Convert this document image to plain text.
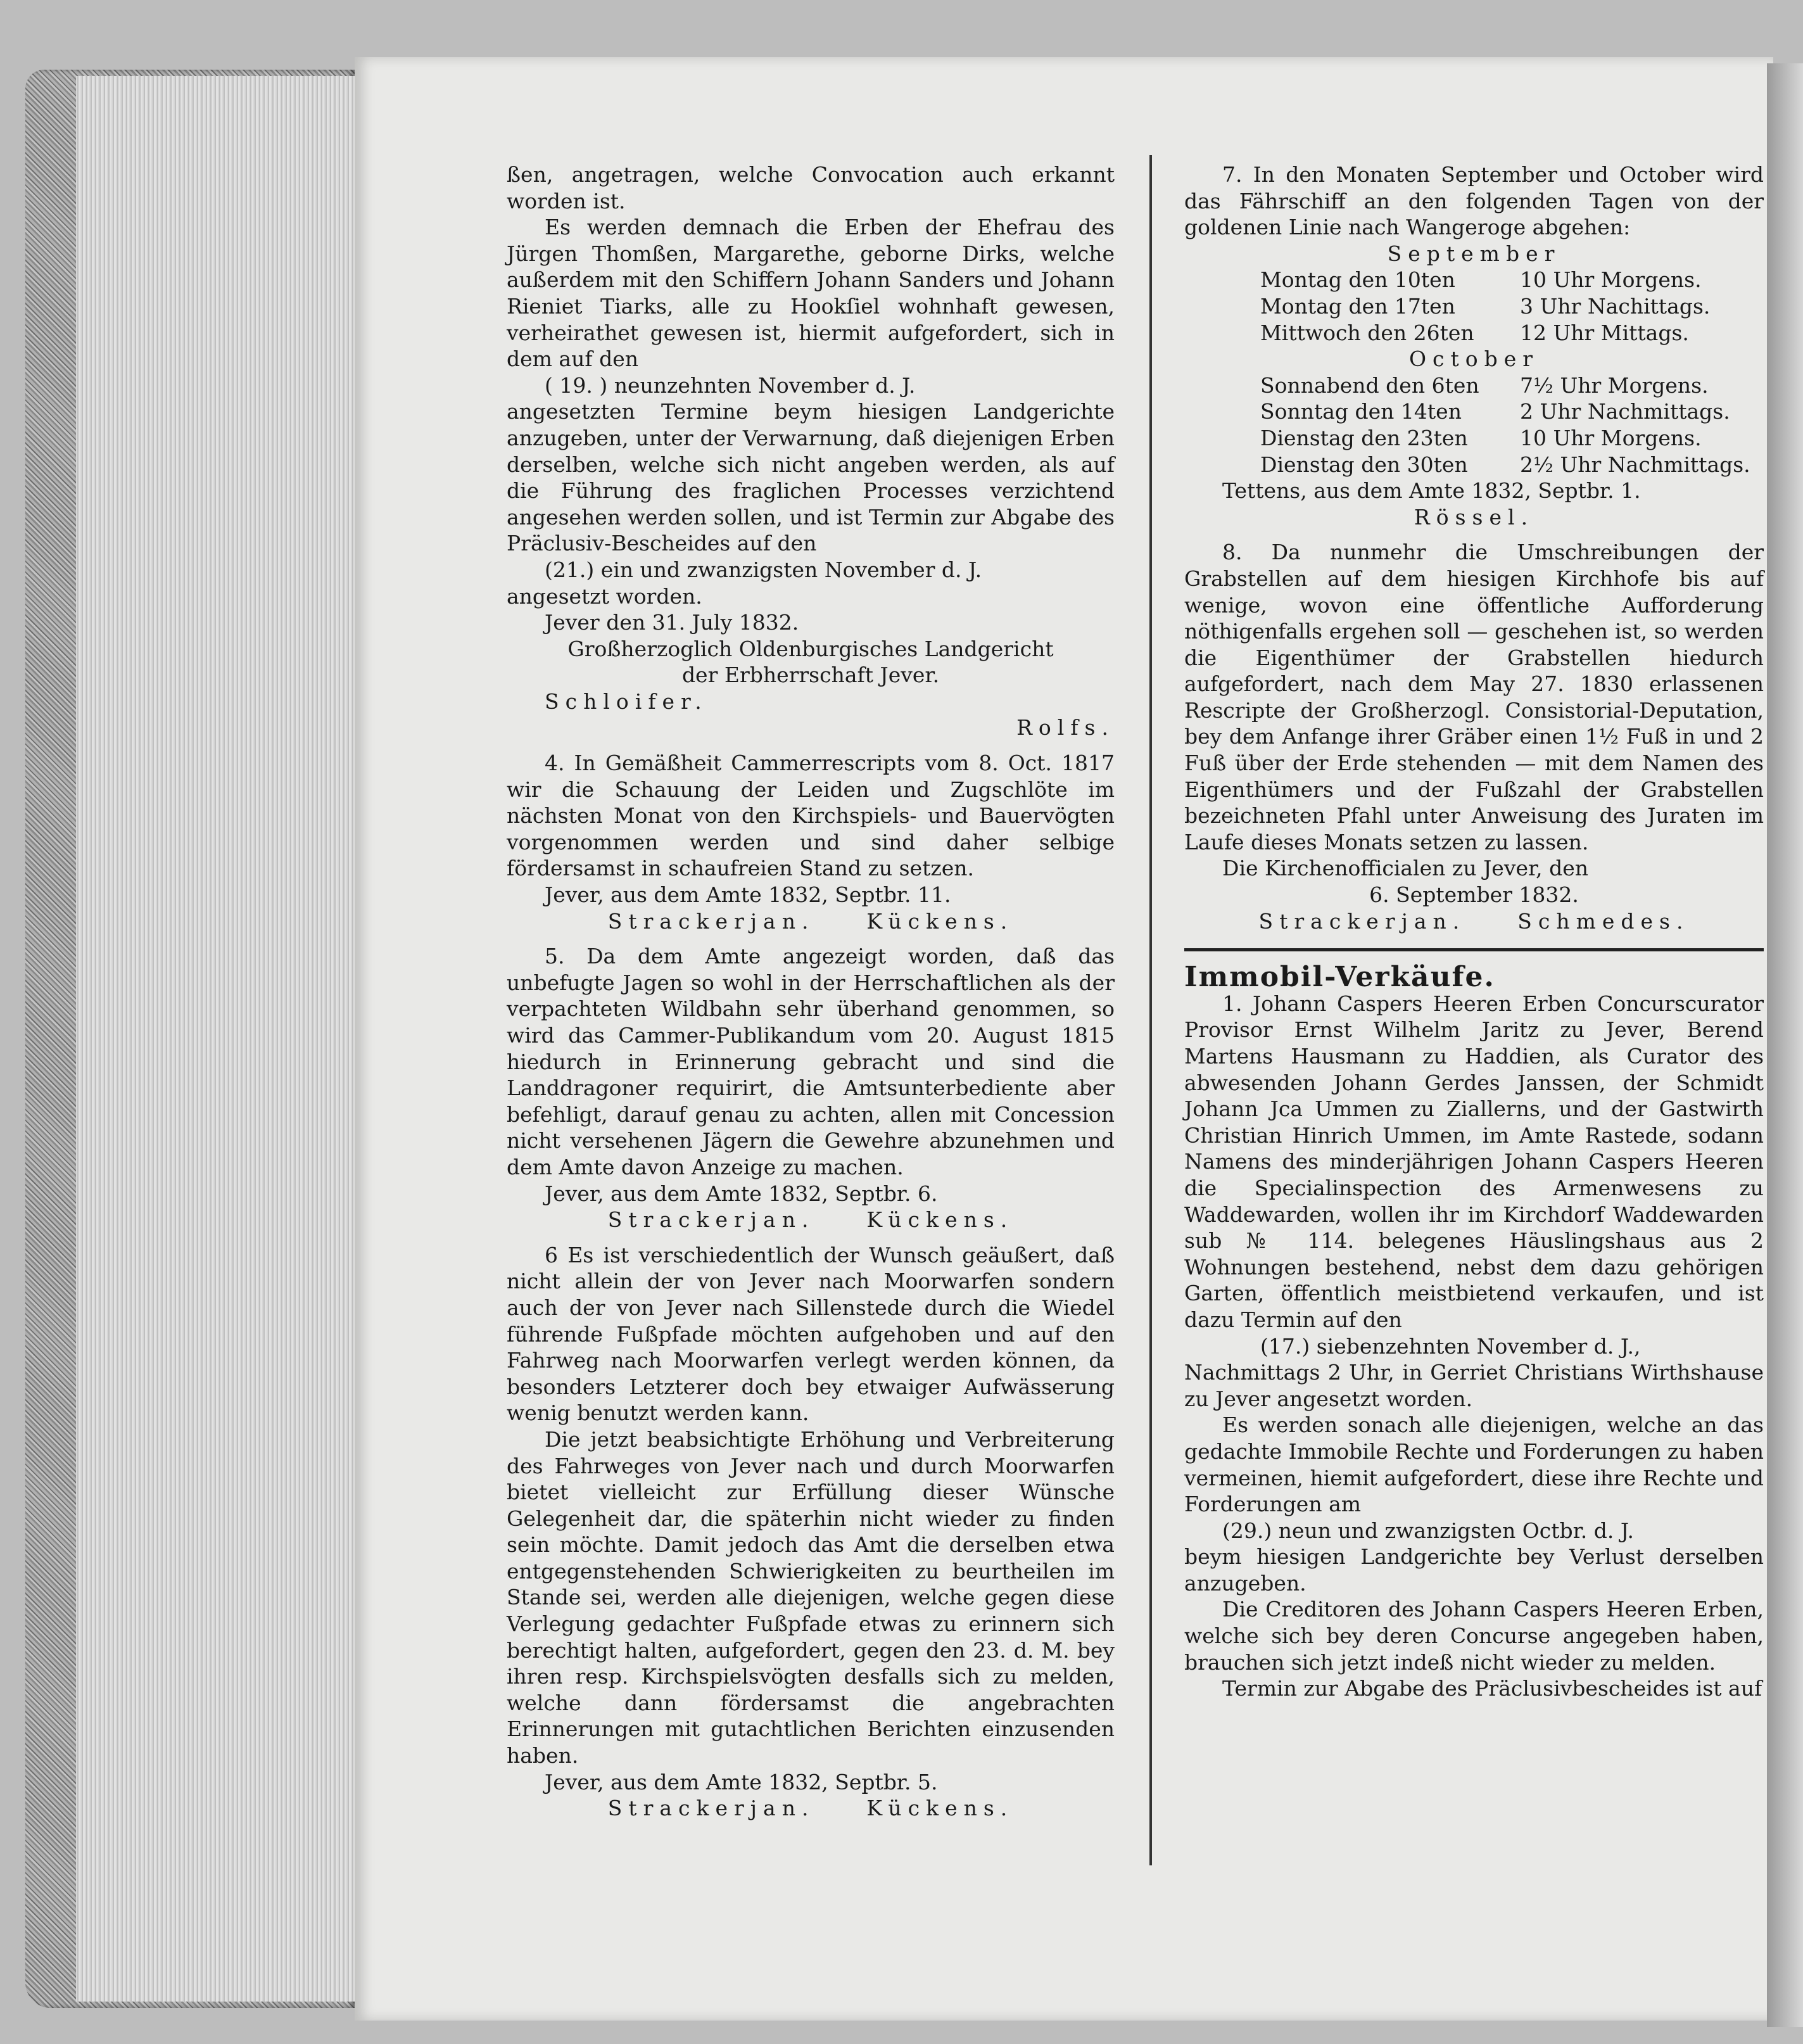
ßen, angetragen, welche Convocation auch erkannt worden ist.

Es werden demnach die Erben der Ehefrau des Jürgen Thomßen, Margarethe, geborne Dirks, welche außerdem mit den Schiffern Johann Sanders und Johann Rieniet Tiarks, alle zu Hookſiel wohnhaft gewesen, verheirathet gewesen ist, hiermit aufgefordert, sich in dem auf den

( 19. ) neunzehnten November d. J.

angesetzten Termine beym hiesigen Landgerichte anzugeben, unter der Verwarnung, daß diejenigen Erben derselben, welche sich nicht angeben werden, als auf die Führung des fraglichen Processes verzichtend angesehen werden sollen, und ist Termin zur Abgabe des Präclusiv-Bescheides auf den

(21.) ein und zwanzigsten November d. J.

angesetzt worden.

Jever den 31. July 1832.

Großherzoglich Oldenburgisches Landgericht

der Erbherrschaft Jever.

Schloifer.

Rolfs.

4. In Gemäßheit Cammerrescripts vom 8. Oct. 1817 wir die Schauung der Leiden und Zugschlöte im nächsten Monat von den Kirchspiels- und Bauervögten vorgenommen werden und sind daher selbige fördersamst in schaufreien Stand zu setzen.

Jever, aus dem Amte 1832, Septbr. 11.

Strackerjan.    Kückens.

5. Da dem Amte angezeigt worden, daß das unbefugte Jagen so wohl in der Herrschaftlichen als der verpachteten Wildbahn sehr überhand genommen, so wird das Cammer-Publikandum vom 20. August 1815 hiedurch in Erinnerung gebracht und sind die Landdragoner requirirt, die Amtsunterbediente aber befehligt, darauf genau zu achten, allen mit Concession nicht versehenen Jägern die Gewehre abzunehmen und dem Amte davon Anzeige zu machen.

Jever, aus dem Amte 1832, Septbr. 6.

Strackerjan.    Kückens.

6 Es ist verschiedentlich der Wunsch geäußert, daß nicht allein der von Jever nach Moorwarfen sondern auch der von Jever nach Sillenstede durch die Wiedel führende Fußpfade möchten aufgehoben und auf den Fahrweg nach Moorwarfen verlegt werden können, da besonders Letzterer doch bey etwaiger Aufwässerung wenig benutzt werden kann.

Die jetzt beabsichtigte Erhöhung und Verbreiterung des Fahrweges von Jever nach und durch Moorwarfen bietet vielleicht zur Erfüllung dieser Wünsche Gelegenheit dar, die späterhin nicht wieder zu finden sein möchte. Damit jedoch das Amt die derselben etwa entgegenstehenden Schwierigkeiten zu beurtheilen im Stande sei, werden alle diejenigen, welche gegen diese Verlegung gedachter Fußpfade etwas zu erinnern sich berechtigt halten, aufgefordert, gegen den 23. d. M. bey ihren resp. Kirchspielsvögten desfalls sich zu melden, welche dann fördersamst die angebrachten Erinnerungen mit gutachtlichen Berichten einzusenden haben.

Jever, aus dem Amte 1832, Septbr. 5.

Strackerjan.    Kückens.

7. In den Monaten September und October wird das Fährschiff an den folgenden Tagen von der goldenen Linie nach Wangeroge abgehen:

September

Montag den 10ten	10 Uhr Morgens.

Montag den 17ten	3 Uhr Nachittags.

Mittwoch den 26ten 12 Uhr Mittags.

October

Sonnabend den 6ten 7½ Uhr Morgens.

Sonntag den 14ten	2 Uhr Nachmittags.

Dienstag den 23ten 10 Uhr Morgens.

Dienstag den 30ten 2½ Uhr Nachmittags.

Tettens, aus dem Amte 1832, Septbr. 1.

Rössel.

8. Da nunmehr die Umschreibungen der Grabstellen auf dem hiesigen Kirchhofe bis auf wenige, wovon eine öffentliche Aufforderung nöthigenfalls ergehen soll — geschehen ist, so werden die Eigenthümer der Grabstellen hiedurch aufgefordert, nach dem May 27. 1830 erlassenen Rescripte der Großherzogl. Consistorial-Deputation, bey dem Anfange ihrer Gräber einen 1½ Fuß in und 2 Fuß über der Erde stehenden — mit dem Namen des Eigenthümers und der Fußzahl der Grabstellen bezeichneten Pfahl unter Anweisung des Juraten im Laufe dieses Monats setzen zu lassen.

Die Kirchenofficialen zu Jever, den

6. September 1832.

Strackerjan.    Schmedes.

Immobil-Verkäufe.

1. Johann Caspers Heeren Erben Concurscurator Provisor Ernst Wilhelm Jaritz zu Jever, Berend Martens Hausmann zu Haddien, als Curator des abwesenden Johann Gerdes Janssen, der Schmidt Johann Jca Ummen zu Ziallerns, und der Gastwirth Christian Hinrich Ummen, im Amte Rastede, sodann Namens des minderjährigen Johann Caspers Heeren die Specialinspection des Armenwesens zu Waddewarden, wollen ihr im Kirchdorf Waddewarden sub № 114. belegenes Häuslingshaus aus 2 Wohnungen bestehend, nebst dem dazu gehörigen Garten, öffentlich meistbietend verkaufen, und ist dazu Termin auf den

(17.) siebenzehnten November d. J.,

Nachmittags 2 Uhr, in Gerriet Christians Wirthshause zu Jever angesetzt worden.

Es werden sonach alle diejenigen, welche an das gedachte Immobile Rechte und Forderungen zu haben vermeinen, hiemit aufgefordert, diese ihre Rechte und Forderungen am

(29.) neun und zwanzigsten Octbr. d. J.

beym hiesigen Landgerichte bey Verlust derselben anzugeben.

Die Creditoren des Johann Caspers Heeren Erben, welche sich bey deren Concurse angegeben haben, brauchen sich jetzt indeß nicht wieder zu melden.

Termin zur Abgabe des Präclusivbescheides ist auf
